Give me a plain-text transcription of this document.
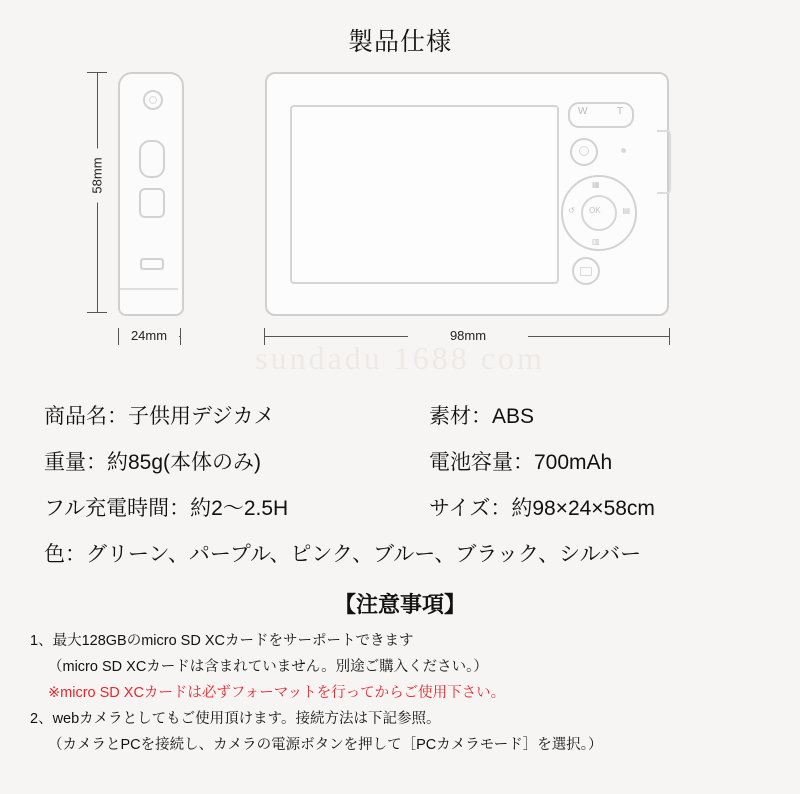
製品仕様
58mm
24mm
W	T
▦
↺	▤
▥
OK
98mm
sundadu 1688 com
商品名：子供用デジカメ	素材：ABS
重量：約85g(本体のみ)	電池容量：700mAh
フル充電時間：約2〜2.5H	サイズ：約98×24×58cm
色：グリーン、パープル、ピンク、ブルー、ブラック、シルバー
【注意事項】
1、最大128GBのmicro SD XCカードをサーポートできます
（micro SD XCカードは含まれていません。別途ご購入ください。）
※micro SD XCカードは必ずフォーマットを行ってからご使用下さい。
2、webカメラとしてもご使用頂けます。接続方法は下記参照。
（カメラとPCを接続し、カメラの電源ボタンを押して［PCカメラモード］を選択。）
